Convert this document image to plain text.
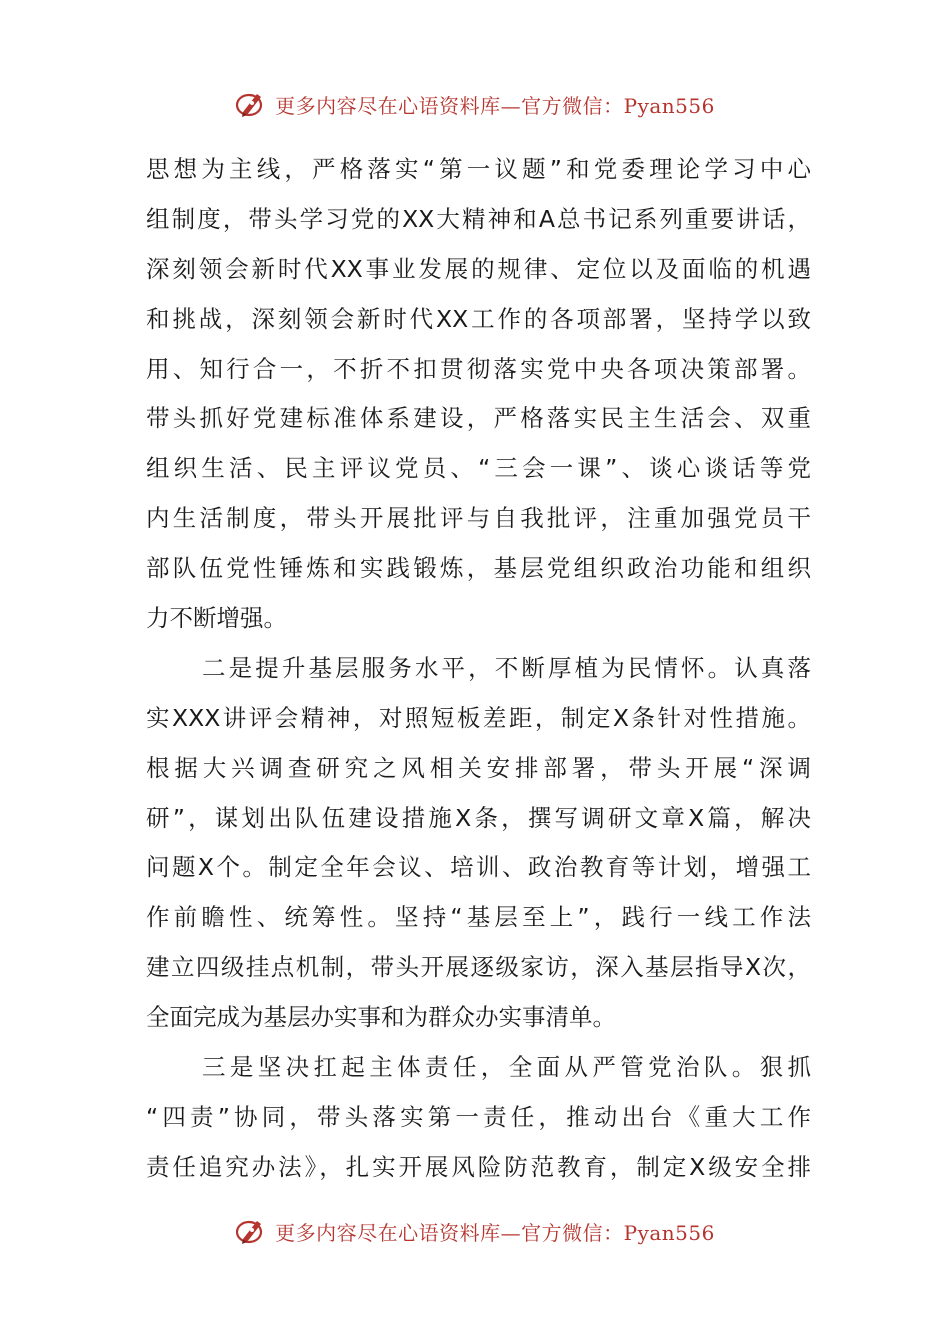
更多内容尽在心语资料库—官方微信：Pyan556
思想为主线，严格落实“第一议题”和党委理论学习中心
组制度，带头学习党的XX大精神和A总书记系列重要讲话，
深刻领会新时代XX事业发展的规律、定位以及面临的机遇
和挑战，深刻领会新时代XX工作的各项部署，坚持学以致
用、知行合一，不折不扣贯彻落实党中央各项决策部署。
带头抓好党建标准体系建设，严格落实民主生活会、双重
组织生活、民主评议党员、“三会一课”、谈心谈话等党
内生活制度，带头开展批评与自我批评，注重加强党员干
部队伍党性锤炼和实践锻炼，基层党组织政治功能和组织
力不断增强。
二是提升基层服务水平，不断厚植为民情怀。认真落
实XXX讲评会精神，对照短板差距，制定X条针对性措施。
根据大兴调查研究之风相关安排部署，带头开展“深调
研”，谋划出队伍建设措施X条，撰写调研文章X篇，解决
问题X个。制定全年会议、培训、政治教育等计划，增强工
作前瞻性、统筹性。坚持“基层至上”，践行一线工作法
建立四级挂点机制，带头开展逐级家访，深入基层指导X次，
全面完成为基层办实事和为群众办实事清单。
三是坚决扛起主体责任，全面从严管党治队。狠抓
“四责”协同，带头落实第一责任，推动出台《重大工作
责任追究办法》，扎实开展风险防范教育，制定X级安全排
更多内容尽在心语资料库—官方微信：Pyan556
